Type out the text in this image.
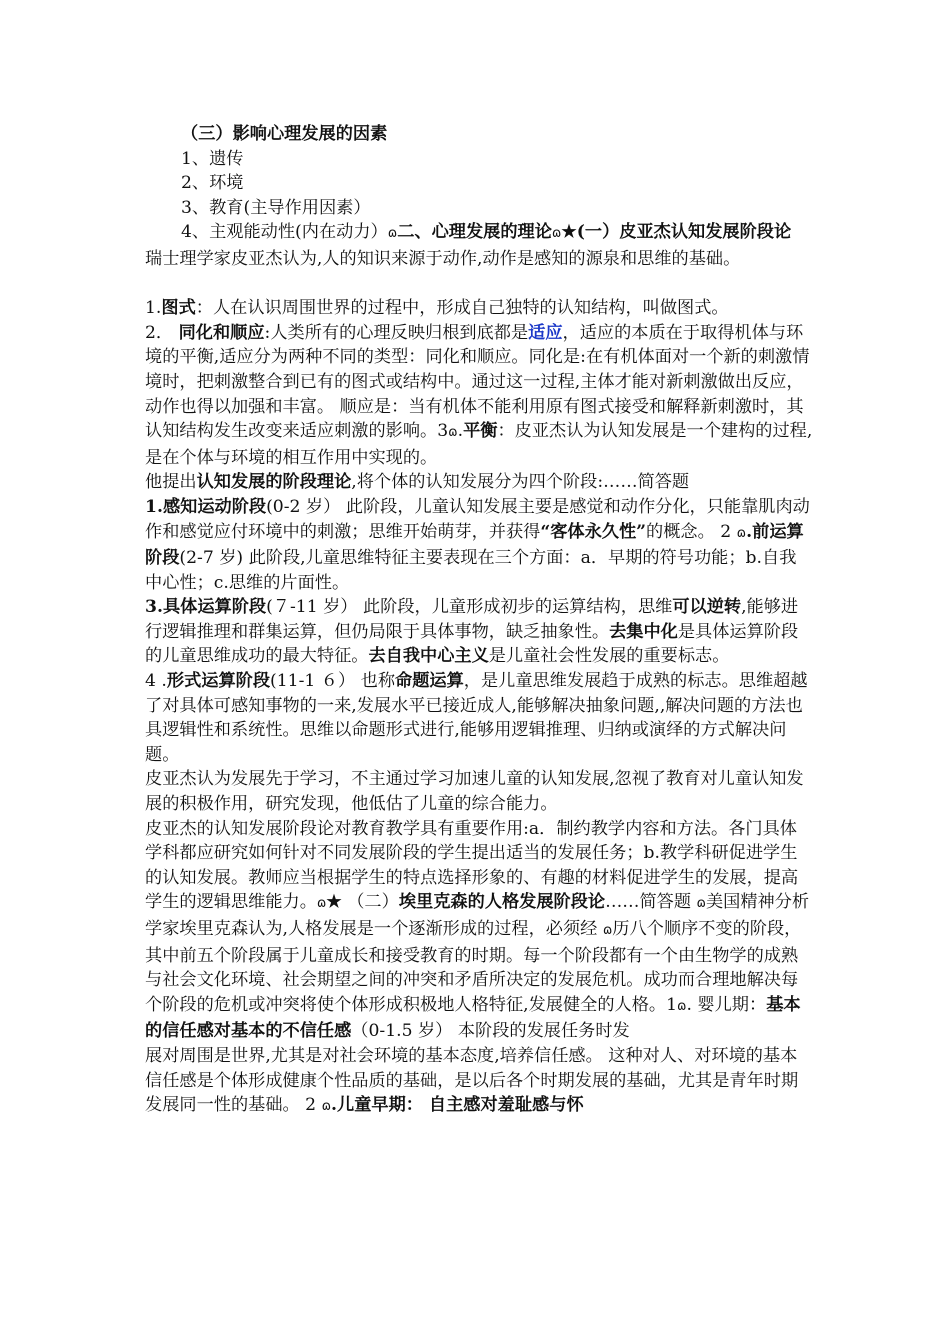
（三）影响心理发展的因素

1、遗传

2、环境

3、教育(主导作用因素）

4、主观能动性(内在动力）ɷ二、心理发展的理论ɷ★(一）皮亚杰认知发展阶段论

瑞士理学家皮亚杰认为,人的知识来源于动作,动作是感知的源泉和思维的基础。

1.图式：人在认识周围世界的过程中，形成自己独特的认知结构，叫做图式。

2． 同化和顺应:人类所有的心理反映归根到底都是适应，适应的本质在于取得机体与环境的平衡,适应分为两种不同的类型：同化和顺应。同化是:在有机体面对一个新的刺激情境时，把刺激整合到已有的图式或结构中。通过这一过程,主体才能对新刺激做出反应，动作也得以加强和丰富。 顺应是：当有机体不能利用原有图式接受和解释新刺激时，其认知结构发生改变来适应刺激的影响。3ɷ.平衡：皮亚杰认为认知发展是一个建构的过程,是在个体与环境的相互作用中实现的。

他提出认知发展的阶段理论,将个体的认知发展分为四个阶段:……简答题

1.感知运动阶段(0-2 岁） 此阶段，儿童认知发展主要是感觉和动作分化，只能靠肌肉动作和感觉应付环境中的刺激；思维开始萌芽，并获得“客体永久性”的概念。 2 ɷ.前运算阶段(2-7 岁) 此阶段,儿童思维特征主要表现在三个方面：a．早期的符号功能；b.自我中心性；c.思维的片面性。

3.具体运算阶段(７-11 岁） 此阶段，儿童形成初步的运算结构，思维可以逆转,能够进行逻辑推理和群集运算，但仍局限于具体事物，缺乏抽象性。去集中化是具体运算阶段的儿童思维成功的最大特征。去自我中心主义是儿童社会性发展的重要标志。

4 .形式运算阶段(11-1 ６） 也称命题运算，是儿童思维发展趋于成熟的标志。思维超越了对具体可感知事物的一来,发展水平已接近成人,能够解决抽象问题,,解决问题的方法也具逻辑性和系统性。思维以命题形式进行,能够用逻辑推理、归纳或演绎的方式解决问题。

皮亚杰认为发展先于学习，不主通过学习加速儿童的认知发展,忽视了教育对儿童认知发展的积极作用，研究发现，他低估了儿童的综合能力。

皮亚杰的认知发展阶段论对教育教学具有重要作用:a．制约教学内容和方法。各门具体学科都应研究如何针对不同发展阶段的学生提出适当的发展任务；b.教学科研促进学生的认知发展。教师应当根据学生的特点选择形象的、有趣的材料促进学生的发展，提高学生的逻辑思维能力。ɷ★ （二）埃里克森的人格发展阶段论……简答题 ɷ美国精神分析学家埃里克森认为,人格发展是一个逐渐形成的过程，必须经 ɷ历八个顺序不变的阶段，其中前五个阶段属于儿童成长和接受教育的时期。每一个阶段都有一个由生物学的成熟与社会文化环境、社会期望之间的冲突和矛盾所决定的发展危机。成功而合理地解决每个阶段的危机或冲突将使个体形成积极地人格特征,发展健全的人格。1ɷ. 婴儿期：基本的信任感对基本的不信任感（0-1.5 岁） 本阶段的发展任务时发

展对周围是世界,尤其是对社会环境的基本态度,培养信任感。 这种对人、对环境的基本信任感是个体形成健康个性品质的基础，是以后各个时期发展的基础，尤其是青年时期发展同一性的基础。 2 ɷ.儿童早期： 自主感对羞耻感与怀
